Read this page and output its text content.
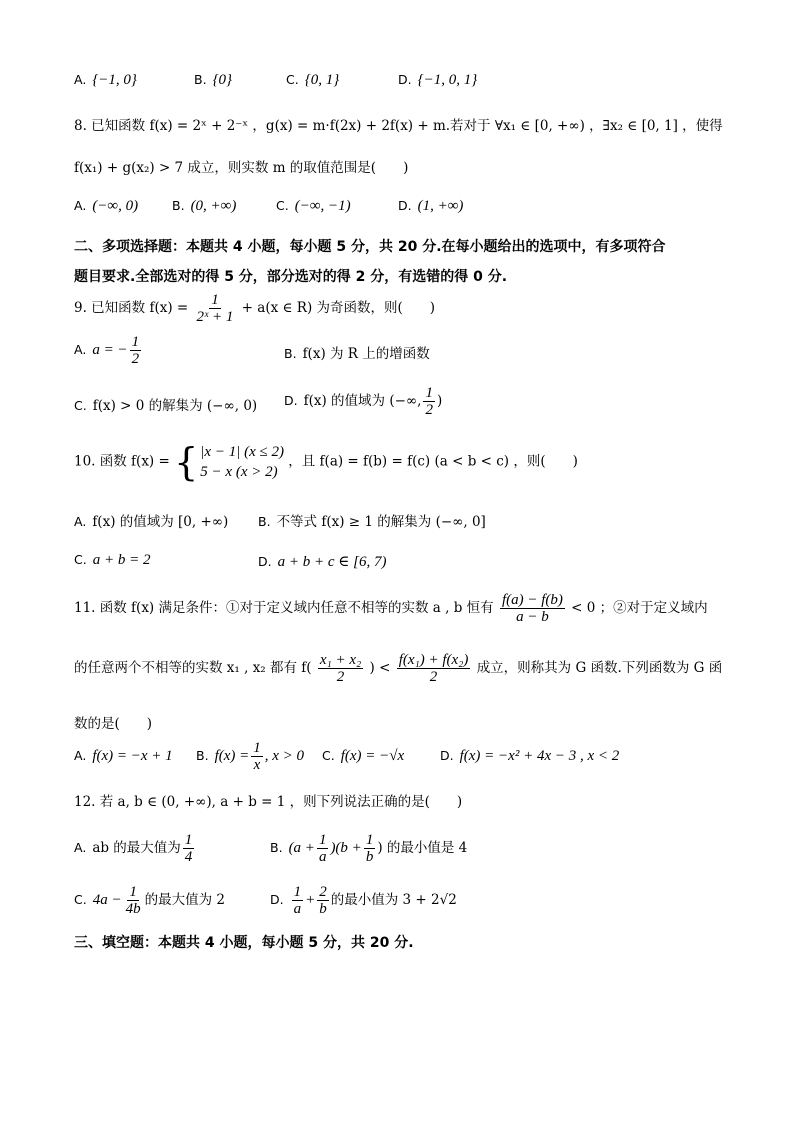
A. {−1, 0}	B. {0}	C. {0, 1}	D. {−1, 0, 1}
8. 已知函数 f(x) = 2ˣ + 2⁻ˣ ，g(x) = m·f(2x) + 2f(x) + m.若对于 ∀x₁ ∈ [0, +∞) ，∃x₂ ∈ [0, 1] ，使得
f(x₁) + g(x₂) > 7 成立，则实数 m 的取值范围是(　　)
A. (−∞, 0)	B. (0, +∞)	C. (−∞, −1)	D. (1, +∞)
二、多项选择题：本题共 4 小题，每小题 5 分，共 20 分.在每小题给出的选项中，有多项符合
题目要求.全部选对的得 5 分，部分选对的得 2 分，有选错的得 0 分.
9. 已知函数 $f(x) = \frac{1}{\text{2ˣ + 1}} + a(x$ ∈ R) 为奇函数，则(　　)
A. a = − $\frac{1}{2}$	B. f(x) 为 R 上的增函数
C. f(x) > 0 的解集为 (−∞, 0) D. f(x) 的值域为 (−∞, $\frac{1}{2}$ )
10. 函数 f(x) = { |x − 1| (x ≤ 2)
5 − x (x > 2)
，且 f(a) = f(b) = f(c) (a < b < c) ，则(　　)
A. f(x) 的值域为 [0, +∞) B. 不等式 f(x) ≥ 1 的解集为 (−∞, 0]
C. a + b = 2	D. a + b + c ∈ [6, 7)
11. 函数 f(x) 满足条件：①对于定义域内任意不相等的实数 a , b 恒有 $\frac{f(a) - f(b)}{a - b} < 0$ ；②对于定义域内
的任意两个不相等的实数 x₁ , x₂ 都有 $f( \frac{\text{x₁ + x₂}}{2}$ ) < $\frac{\text{f(x₁) + f(x₂)}}{2}$ 成立，则称其为 G 函数.下列函数为 G 函
数的是(　　)
A. f(x) = −x + 1 B. $f(x) = \frac{1}{x}$ , x > 0 C. f(x) = −√x	D. f(x) = −x² + 4x − 3 , x < 2
12. 若 a, b ∈ (0, +∞), a + b = 1 ，则下列说法正确的是(　　)
A. ab 的最大值为 $\frac{1}{4}$	B. $(a + \frac{1}{a} )(b + \frac{1}{b}$ ) 的最小值是 4
C. $4a - \frac{1}{4b}$ 的最大值为 2	D. $\frac{1}{a} + \frac{2}{b}$ 的最小值为 3 + 2√2
三、填空题：本题共 4 小题，每小题 5 分，共 20 分.
